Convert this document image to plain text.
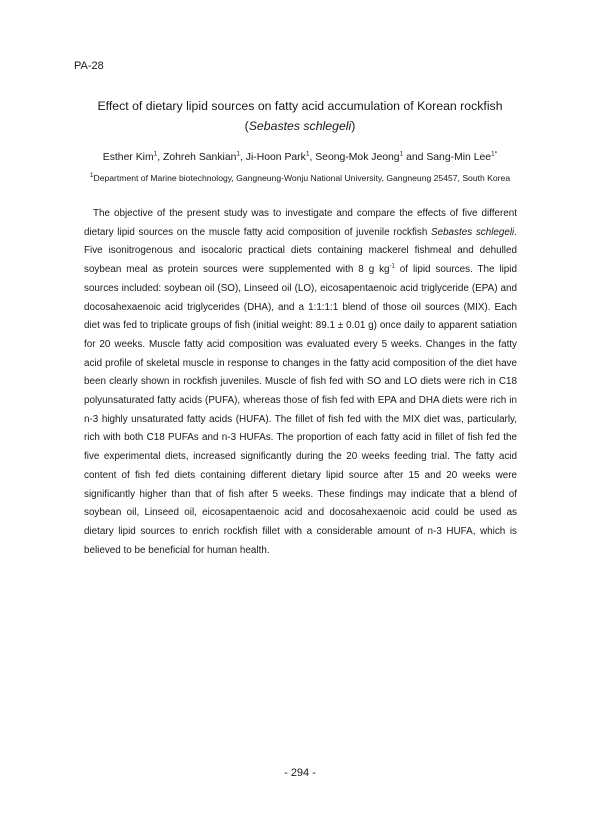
PA-28
Effect of dietary lipid sources on fatty acid accumulation of Korean rockfish
(Sebastes schlegeli)
Esther Kim$^1$, Zohreh Sankian$^1$, Ji-Hoon Park$^1$, Seong-Mok Jeong$^1$ and Sang-Min Lee$^{1*}$
$^1$Department of Marine biotechnology, Gangneung-Wonju National University, Gangneung 25457, South Korea

The objective of the present study was to investigate and compare the effects of five different dietary lipid sources on the muscle fatty acid composition of juvenile rockfish Sebastes schlegeli. Five isonitrogenous and isocaloric practical diets containing mackerel fishmeal and dehulled soybean meal as protein sources were supplemented with 8 g $kg^{-1}$ of lipid sources. The lipid sources included: soybean oil (SO), Linseed oil (LO), eicosapentaenoic acid triglyceride (EPA) and docosahexaenoic acid triglycerides (DHA), and a 1:1:1:1 blend of those oil sources (MIX). Each diet was fed to triplicate groups of fish (initial weight: 89.1 ± 0.01 g) once daily to apparent satiation for 20 weeks. Muscle fatty acid composition was evaluated every 5 weeks. Changes in the fatty acid profile of skeletal muscle in response to changes in the fatty acid composition of the diet have been clearly shown in rockfish juveniles. Muscle of fish fed with SO and LO diets were rich in C18 polyunsaturated fatty acids (PUFA), whereas those of fish fed with EPA and DHA diets were rich in n-3 highly unsaturated fatty acids (HUFA). The fillet of fish fed with the MIX diet was, particularly, rich with both C18 PUFAs and n-3 HUFAs. The proportion of each fatty acid in fillet of fish fed the five experimental diets, increased significantly during the 20 weeks feeding trial. The fatty acid content of fish fed diets containing different dietary lipid source after 15 and 20 weeks were significantly higher than that of fish after 5 weeks. These findings may indicate that a blend of soybean oil, Linseed oil, eicosapentaenoic acid and docosahexaenoic acid could be used as dietary lipid sources to enrich rockfish fillet with a considerable amount of n-3 HUFA, which is believed to be beneficial for human health.

- 294 -
